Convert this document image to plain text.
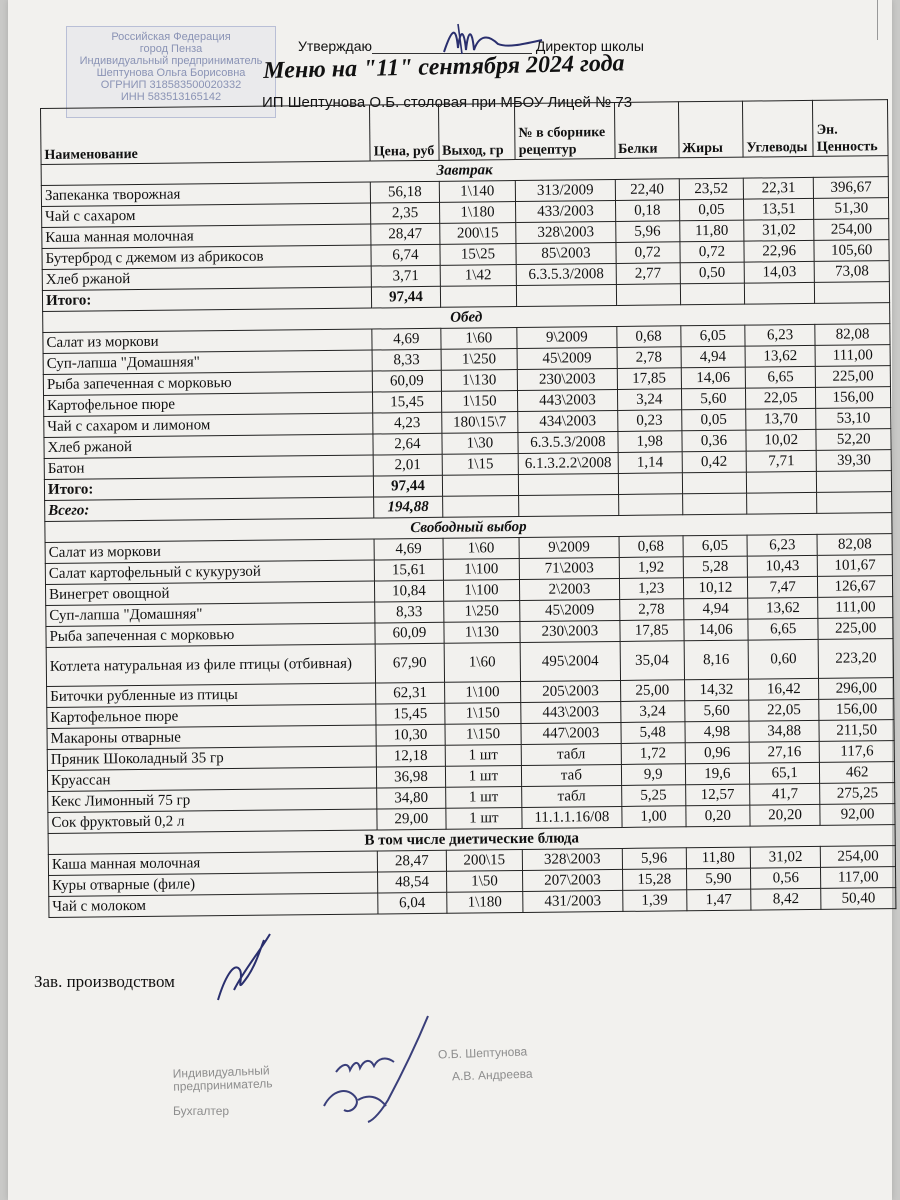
Российская Федерация
город Пенза
Индивидуальный предприниматель
Шептунова Ольга Борисовна
ОГРНИП 318583500020332
ИНН 583513165142
Утверждаю	Директор школы
Меню на "11" сентября 2024 года
ИП Шептунова О.Б. столовая при МБОУ Лицей № 73
Наименование	Цена, руб	Выход, гр	№ в сборнике рецептур	Белки	Жиры	Углеводы	Эн. Ценность
Завтрак							
Запеканка творожная	56,18	1\140	313/2009	22,40	23,52	22,31	396,67
Чай с сахаром	2,35	1\180	433/2003	0,18	0,05	13,51	51,30
Каша манная молочная	28,47	200\15	328\2003	5,96	11,80	31,02	254,00
Бутерброд с джемом из абрикосов	6,74	15\25	85\2003	0,72	0,72	22,96	105,60
Хлеб ржаной	3,71	1\42	6.3.5.3/2008	2,77	0,50	14,03	73,08
Итого:	97,44						
Обед							
Салат из моркови	4,69	1\60	9\2009	0,68	6,05	6,23	82,08
Суп-лапша "Домашняя"	8,33	1\250	45\2009	2,78	4,94	13,62	111,00
Рыба запеченная с морковью	60,09	1\130	230\2003	17,85	14,06	6,65	225,00
Картофельное пюре	15,45	1\150	443\2003	3,24	5,60	22,05	156,00
Чай с сахаром и лимоном	4,23	180\15\7	434\2003	0,23	0,05	13,70	53,10
Хлеб ржаной	2,64	1\30	6.3.5.3/2008	1,98	0,36	10,02	52,20
Батон	2,01	1\15	6.1.3.2.2\2008	1,14	0,42	7,71	39,30
Итого:	97,44						
Всего:	194,88						
Свободный выбор							
Салат из моркови	4,69	1\60	9\2009	0,68	6,05	6,23	82,08
Салат картофельный с кукурузой	15,61	1\100	71\2003	1,92	5,28	10,43	101,67
Винегрет овощной	10,84	1\100	2\2003	1,23	10,12	7,47	126,67
Суп-лапша "Домашняя"	8,33	1\250	45\2009	2,78	4,94	13,62	111,00
Рыба запеченная с морковью	60,09	1\130	230\2003	17,85	14,06	6,65	225,00
Котлета натуральная из филе птицы (отбивная)	67,90	1\60	495\2004	35,04	8,16	0,60	223,20
Биточки рубленные из птицы	62,31	1\100	205\2003	25,00	14,32	16,42	296,00
Картофельное пюре	15,45	1\150	443\2003	3,24	5,60	22,05	156,00
Макароны отварные	10,30	1\150	447\2003	5,48	4,98	34,88	211,50
Пряник Шоколадный 35 гр	12,18	1 шт	табл	1,72	0,96	27,16	117,6
Круассан	36,98	1 шт	таб	9,9	19,6	65,1	462
Кекс Лимонный 75 гр	34,80	1 шт	табл	5,25	12,57	41,7	275,25
Сок фруктовый 0,2 л	29,00	1 шт	11.1.1.16/08	1,00	0,20	20,20	92,00
В том числе диетические блюда							
Каша манная молочная	28,47	200\15	328\2003	5,96	11,80	31,02	254,00
Куры отварные (филе)	48,54	1\50	207\2003	15,28	5,90	0,56	117,00
Чай с молоком	6,04	1\180	431/2003	1,39	1,47	8,42	50,40
Зав. производством
Индивидуальный
предприниматель
Бухгалтер
О.Б. Шептунова
А.В. Андреева
